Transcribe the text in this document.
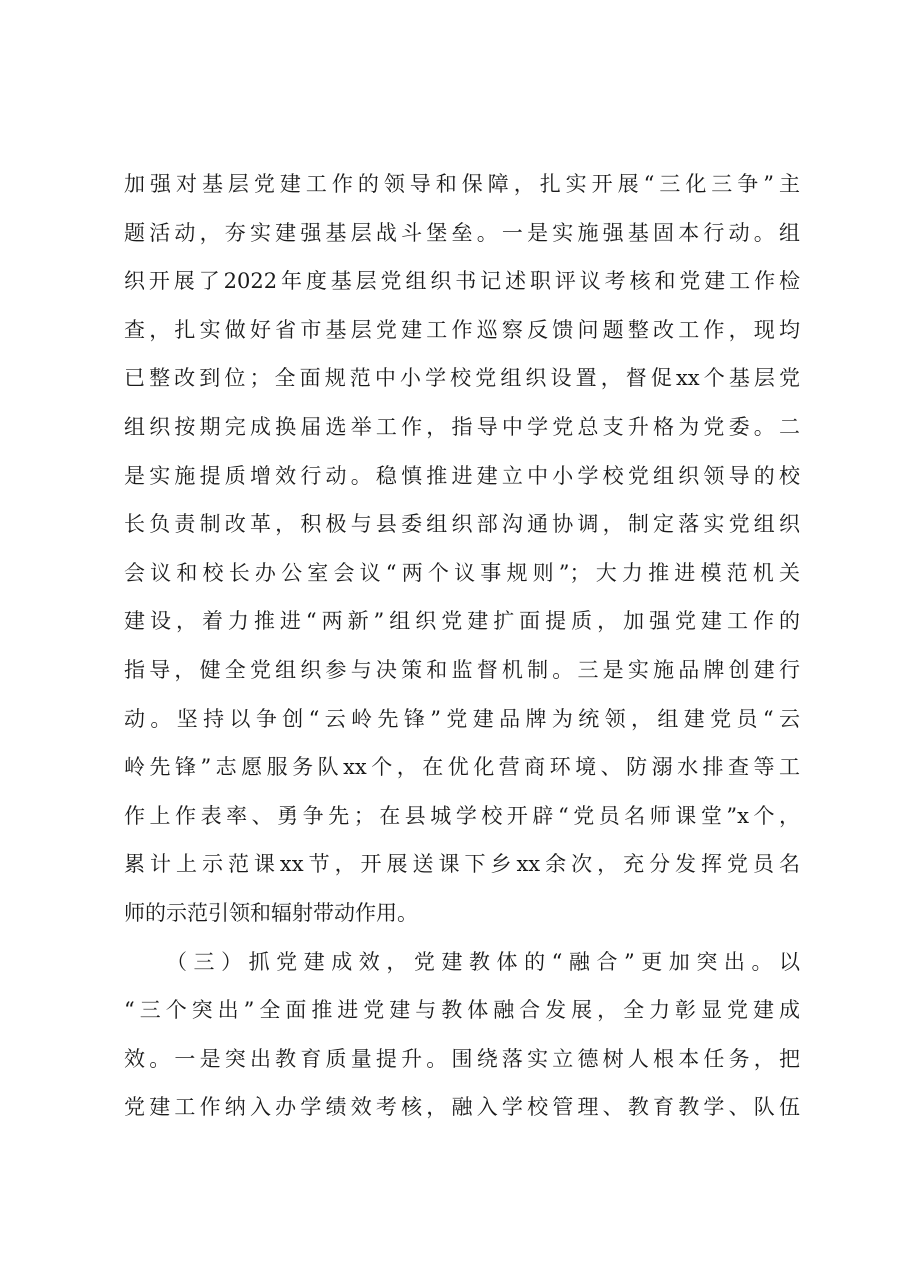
加强对基层党建工作的领导和保障，扎实开展“三化三争”主
题活动，夯实建强基层战斗堡垒。一是实施强基固本行动。组
织开展了2022年度基层党组织书记述职评议考核和党建工作检
查，扎实做好省市基层党建工作巡察反馈问题整改工作，现均
已整改到位；全面规范中小学校党组织设置，督促xx个基层党
组织按期完成换届选举工作，指导中学党总支升格为党委。二
是实施提质增效行动。稳慎推进建立中小学校党组织领导的校
长负责制改革，积极与县委组织部沟通协调，制定落实党组织
会议和校长办公室会议“两个议事规则”；大力推进模范机关
建设，着力推进“两新”组织党建扩面提质，加强党建工作的
指导，健全党组织参与决策和监督机制。三是实施品牌创建行
动。坚持以争创“云岭先锋”党建品牌为统领，组建党员“云
岭先锋”志愿服务队xx个，在优化营商环境、防溺水排查等工
作上作表率、勇争先；在县城学校开辟“党员名师课堂”x个，
累计上示范课xx节，开展送课下乡xx余次，充分发挥党员名
师的示范引领和辐射带动作用。
（三）抓党建成效，党建教体的“融合”更加突出。以
“三个突出”全面推进党建与教体融合发展，全力彰显党建成
效。一是突出教育质量提升。围绕落实立德树人根本任务，把
党建工作纳入办学绩效考核，融入学校管理、教育教学、队伍
